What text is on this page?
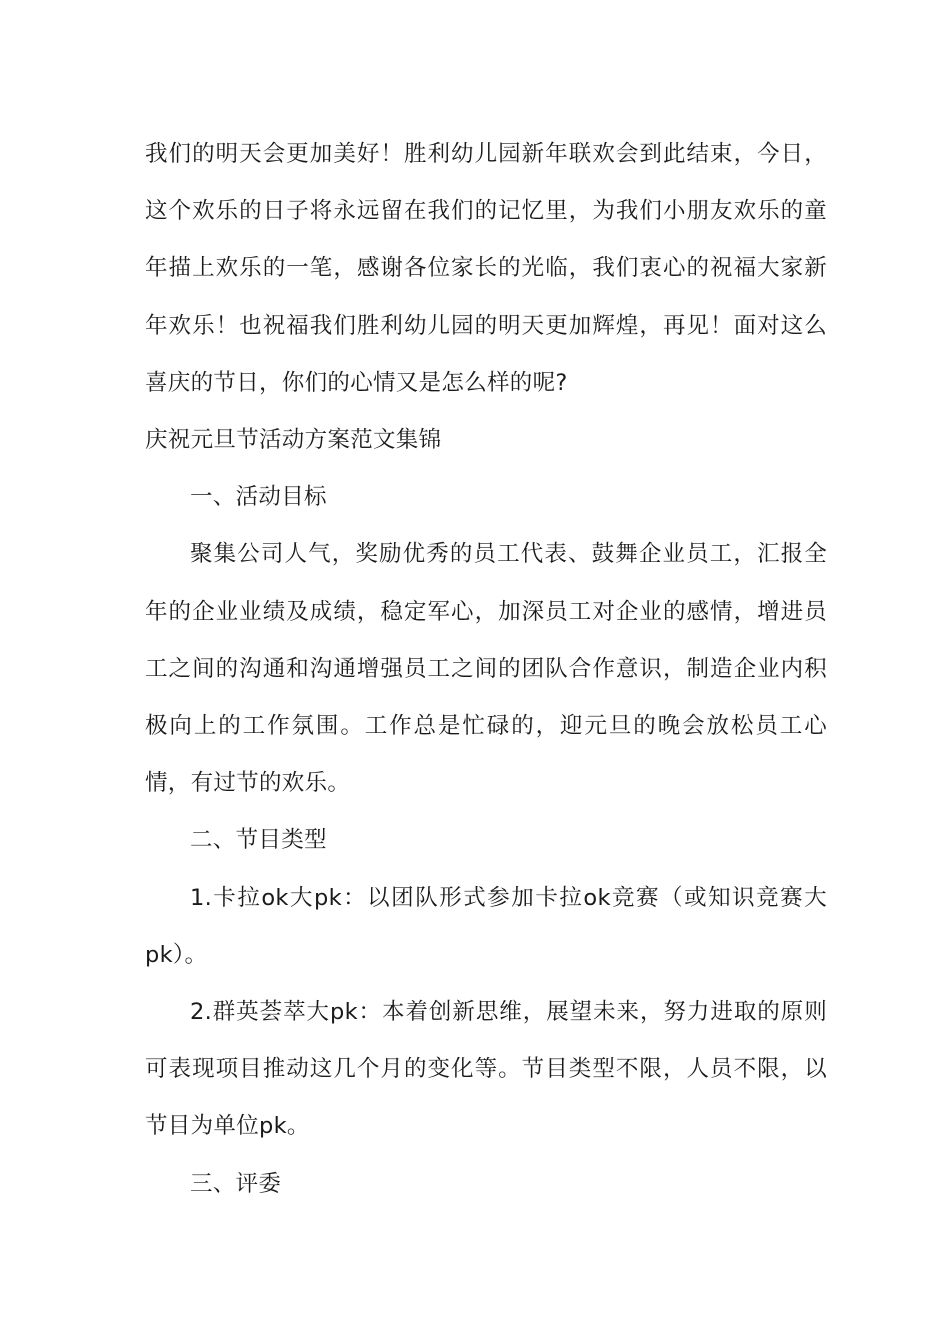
我们的明天会更加美好！胜利幼儿园新年联欢会到此结束，今日，这个欢乐的日子将永远留在我们的记忆里，为我们小朋友欢乐的童年描上欢乐的一笔，感谢各位家长的光临，我们衷心的祝福大家新年欢乐！也祝福我们胜利幼儿园的明天更加辉煌，再见！面对这么喜庆的节日，你们的心情又是怎么样的呢?

庆祝元旦节活动方案范文集锦

一、活动目标

聚集公司人气，奖励优秀的员工代表、鼓舞企业员工，汇报全年的企业业绩及成绩，稳定军心，加深员工对企业的感情，增进员工之间的沟通和沟通增强员工之间的团队合作意识，制造企业内积极向上的工作氛围。工作总是忙碌的，迎元旦的晚会放松员工心情，有过节的欢乐。

二、节目类型

1.卡拉ok大pk：以团队形式参加卡拉ok竞赛（或知识竞赛大pk）。

2.群英荟萃大pk：本着创新思维，展望未来，努力进取的原则可表现项目推动这几个月的变化等。节目类型不限，人员不限，以节目为单位pk。

三、评委
